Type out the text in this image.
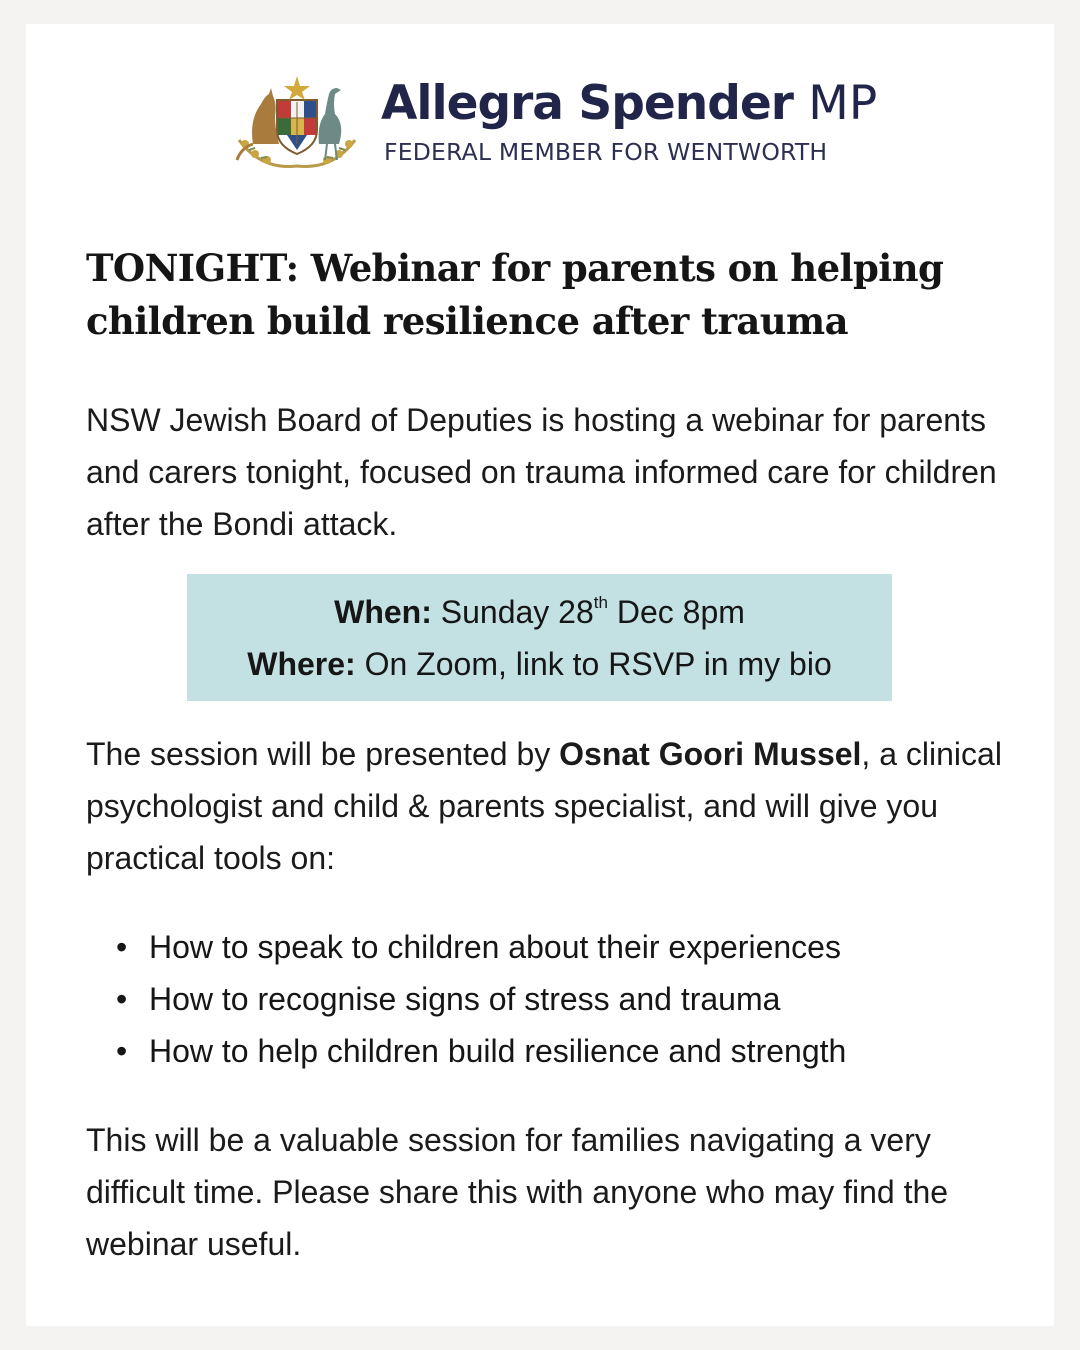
Allegra Spender MP
FEDERAL MEMBER FOR WENTWORTH
TONIGHT: Webinar for parents on helping children build resilience after trauma

NSW Jewish Board of Deputies is hosting a webinar for parents and carers tonight, focused on trauma informed care for children after the Bondi attack.

When: Sunday 28th Dec 8pm
Where: On Zoom, link to RSVP in my bio

The session will be presented by Osnat Goori Mussel, a clinical psychologist and child & parents specialist, and will give you practical tools on:

• How to speak to children about their experiences
• How to recognise signs of stress and trauma
• How to help children build resilience and strength

This will be a valuable session for families navigating a very difficult time. Please share this with anyone who may find the webinar useful.
